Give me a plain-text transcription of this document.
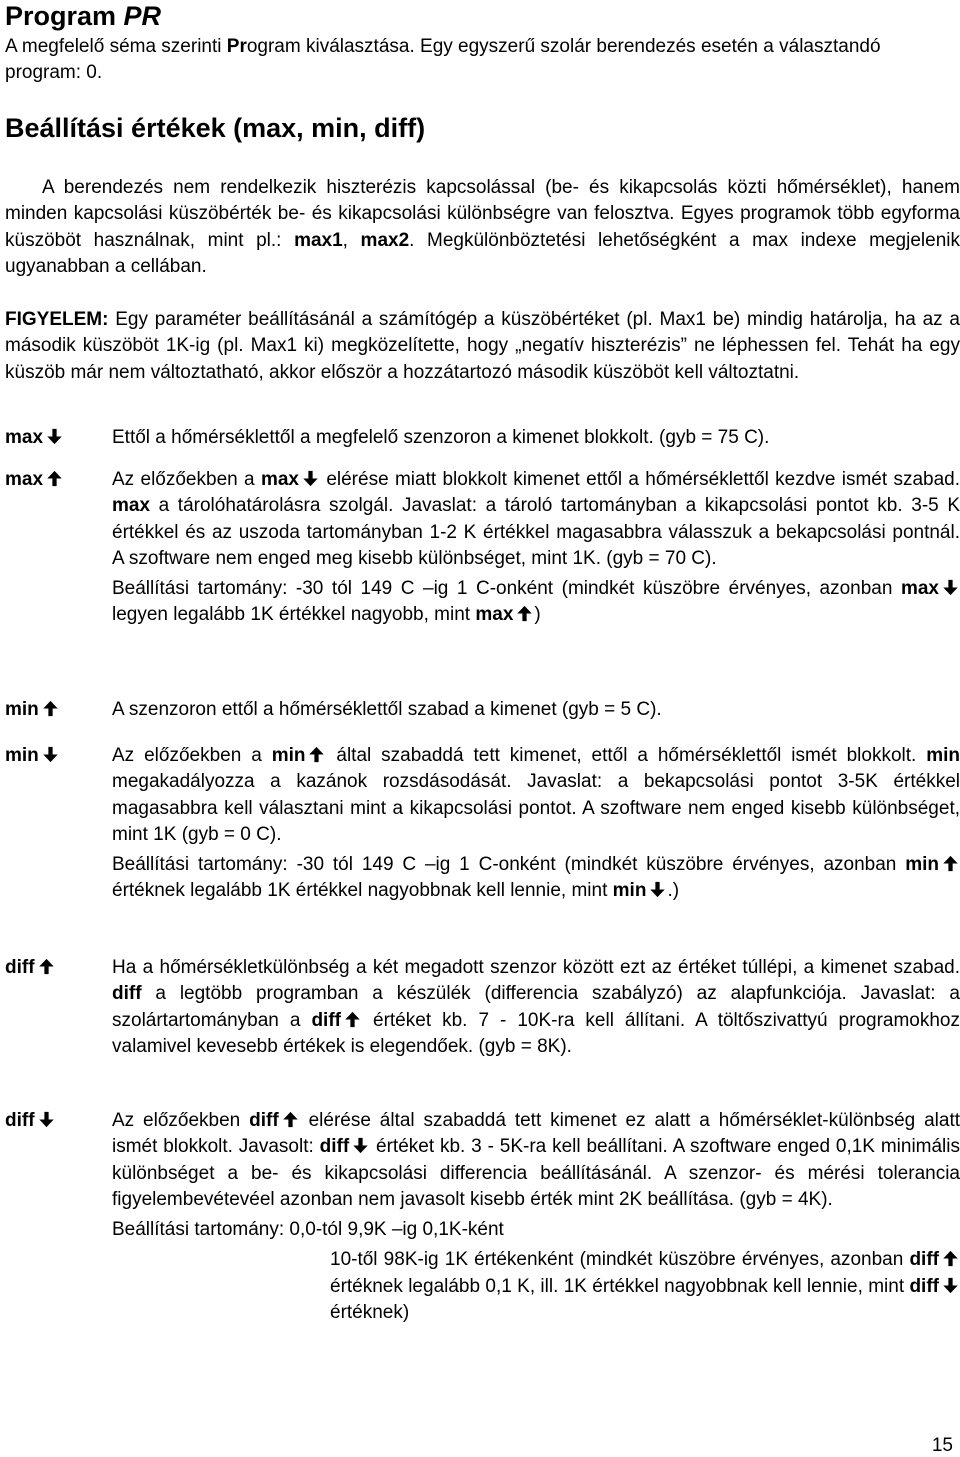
Program PR
A megfelelő séma szerinti Program kiválasztása. Egy egyszerű szolár berendezés esetén a választandó program: 0.
Beállítási értékek (max, min, diff)
A berendezés nem rendelkezik hiszterézis kapcsolással (be- és kikapcsolás közti hőmérséklet), hanem minden kapcsolási küszöbérték be- és kikapcsolási különbségre van felosztva. Egyes programok több egyforma küszöböt használnak, mint pl.: max1, max2. Megkülönböztetési lehetőségként a max indexe megjelenik ugyanabban a cellában.
FIGYELEM: Egy paraméter beállításánál a számítógép a küszöbértéket (pl. Max1 be) mindig határolja, ha az a második küszöböt 1K-ig (pl. Max1 ki) megközelítette, hogy „negatív hiszterézis” ne léphessen fel. Tehát ha egy küszöb már nem változtatható, akkor először a hozzátartozó második küszöböt kell változtatni.
max	Ettől a hőmérséklettől a megfelelő szenzoron a kimenet blokkolt. (gyb = 75 C).

max	Az előzőekben a max
elérése miatt blokkolt kimenet ettől a hőmérséklettől kezdve ismét szabad. max a tárolóhatárolásra szolgál. Javaslat: a tároló tartományban a kikapcsolási pontot kb. 3-5 K értékkel és az uszoda tartományban 1-2 K értékkel magasabbra válasszuk a bekapcsolási pontnál. A szoftware nem enged meg kisebb különbséget, mint 1K. (gyb = 70 C).

Beállítási tartomány: -30 tól 149 C –ig 1 C-onként (mindkét küszöbre érvényes, azonban max
legyen legalább 1K értékkel nagyobb, mint max )

min	A szenzoron ettől a hőmérséklettől szabad a kimenet (gyb = 5 C).

min	Az előzőekben a min
által szabaddá tett kimenet, ettől a hőmérséklettől ismét blokkolt. min megakadályozza a kazánok rozsdásodását. Javaslat: a bekapcsolási pontot 3-5K értékkel magasabbra kell választani mint a kikapcsolási pontot. A szoftware nem enged kisebb különbséget, mint 1K (gyb = 0 C).

Beállítási tartomány: -30 tól 149 C –ig 1 C-onként (mindkét küszöbre érvényes, azonban min
értéknek legalább 1K értékkel nagyobbnak kell lennie, mint min .)

diff	Ha a hőmérsékletkülönbség a két megadott szenzor között ezt az értéket túllépi, a kimenet szabad. diff a legtöbb programban a készülék (differencia szabályzó) az alapfunkciója. Javaslat: a szolártartományban a diff
értéket kb. 7 - 10K-ra kell állítani. A töltőszivattyú programokhoz valamivel kevesebb értékek is elegendőek. (gyb = 8K).

diff	Az előzőekben diff
elérése által szabaddá tett kimenet ez alatt a hőmérséklet-különbség alatt ismét blokkolt. Javasolt: diff
értéket kb. 3 - 5K-ra kell beállítani. A szoftware enged 0,1K minimális különbséget a be- és kikapcsolási differencia beállításánál. A szenzor- és mérési tolerancia figyelembevétevéel azonban nem javasolt kisebb érték mint 2K beállítása. (gyb = 4K).

Beállítási tartomány: 0,0-tól 9,9K –ig 0,1K-ként

10-től 98K-ig 1K értékenként (mindkét küszöbre érvényes, azonban diff
értéknek legalább 0,1 K, ill. 1K értékkel nagyobbnak kell lennie, mint diff
értéknek)

15
